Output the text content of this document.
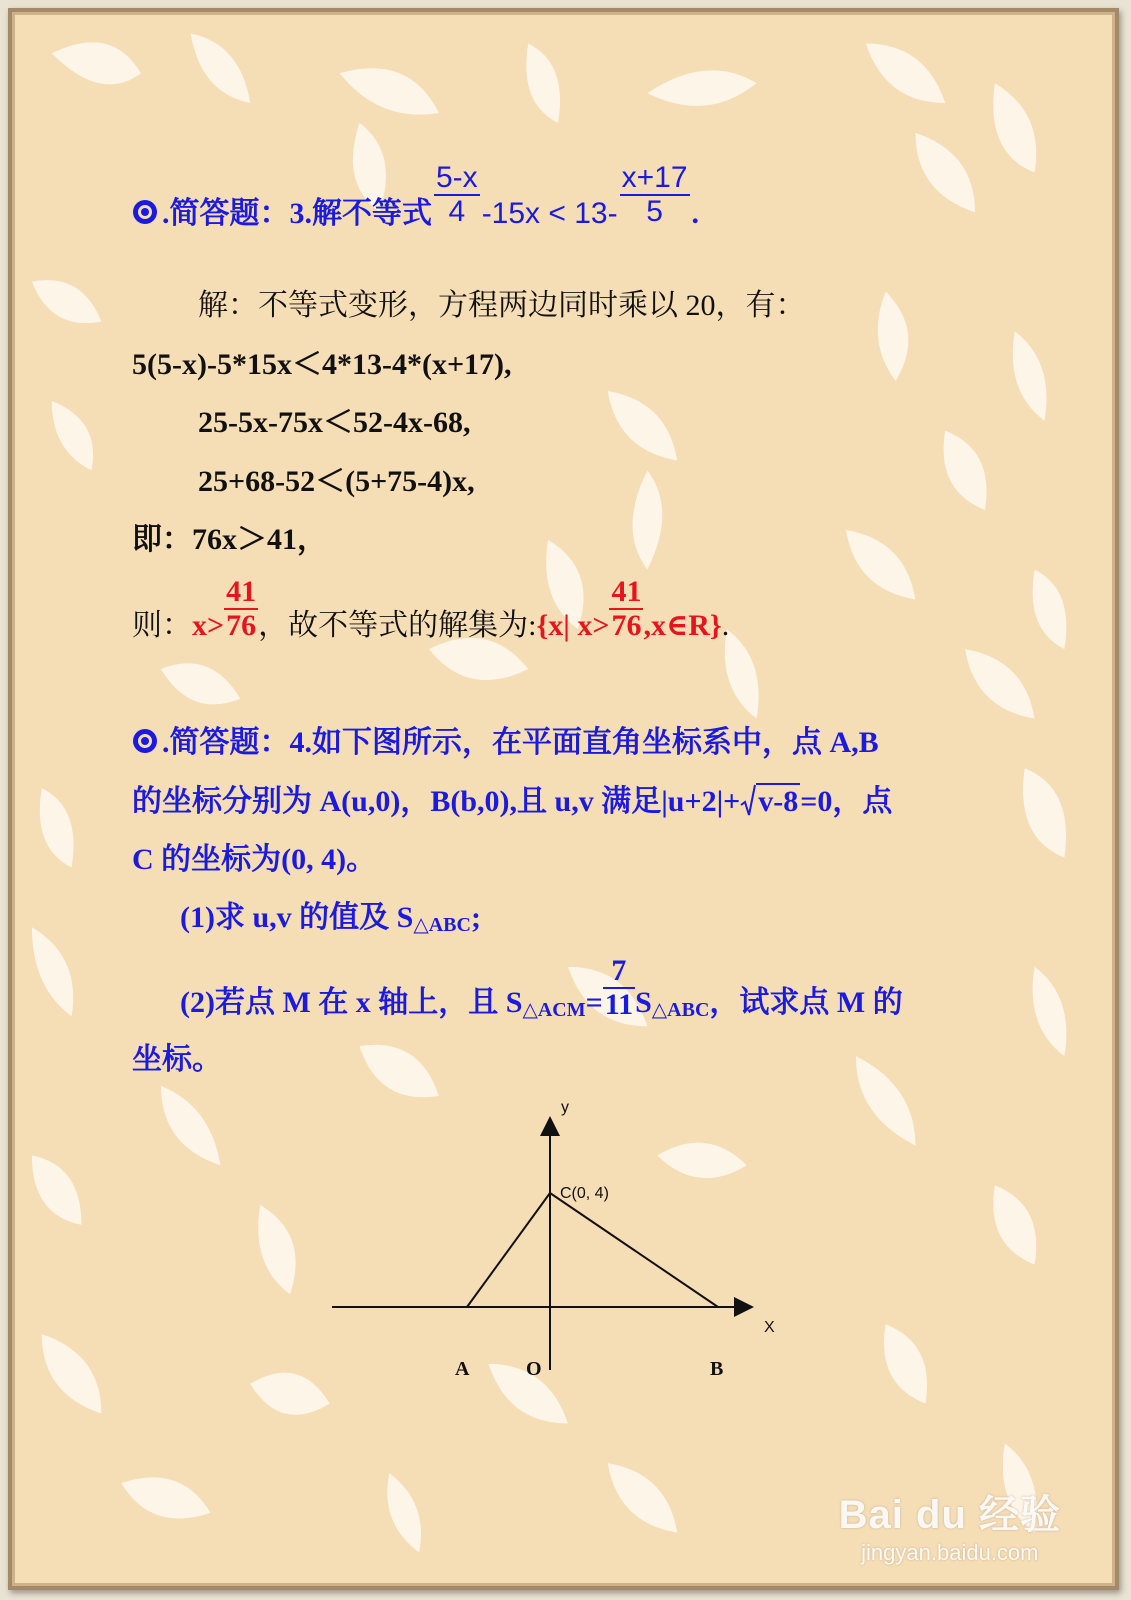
.简答题：3.解不等式 $\frac{5-x}{4} -15x < 13- \frac{x+17}{5}$ .
解：不等式变形，方程两边同时乘以 20，有：
5(5-x)-5*15x＜4*13-4*(x+17),
25-5x-75x＜52-4x-68,
25+68-52＜(5+75-4)x,
即：76x＞41，
则：$x> \frac{41}{76}$ ，故不等式的解集为:{x| $x> \frac{41}{76}$ ,x∈R}.
.简答题：4.如下图所示，在平面直角坐标系中，点 A,B
的坐标分别为 A(u,0)，B(b,0),且 u,v 满足|u+2|+ v-8=0，点
C 的坐标为(0, 4)。
(1)求 u,v 的值及 $S_{\triangle ABC}$;
(2)若点 M 在 x 轴上，且 $S_{\triangle ACM}= \frac{7}{11} S_{\triangle ABC}$，试求点 M 的
坐标。
y
X
C(0, 4)
A	O	B
Bai du 经验
jingyan.baidu.com
